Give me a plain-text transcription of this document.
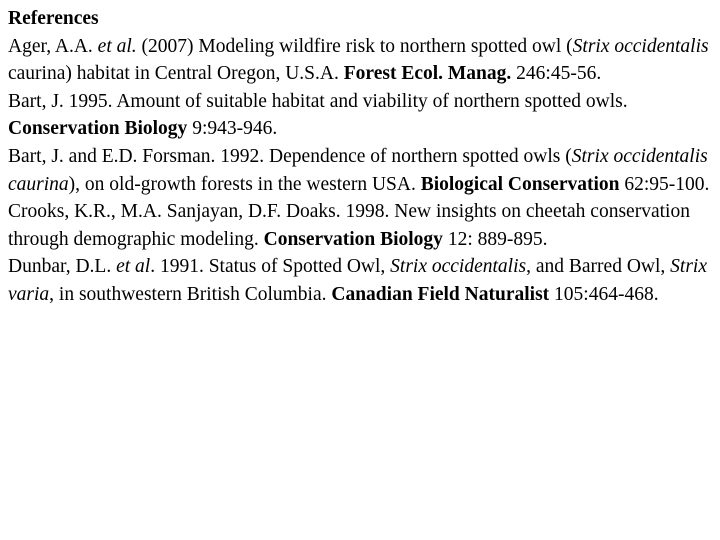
References

Ager, A.A. et al. (2007) Modeling wildfire risk to northern spotted owl (Strix occidentalis caurina) habitat in Central Oregon, U.S.A. Forest Ecol. Manag. 246:45-56.

Bart, J. 1995. Amount of suitable habitat and viability of northern spotted owls. Conservation Biology 9:943-946.

Bart, J. and E.D. Forsman. 1992. Dependence of northern spotted owls (Strix occidentalis caurina), on old-growth forests in the western USA. Biological Conservation 62:95-100.

Crooks, K.R., M.A. Sanjayan, D.F. Doaks. 1998. New insights on cheetah conservation through demographic modeling. Conservation Biology 12: 889-895.

Dunbar, D.L. et al. 1991. Status of Spotted Owl, Strix occidentalis, and Barred Owl, Strix varia, in southwestern British Columbia. Canadian Field Naturalist 105:464-468.
